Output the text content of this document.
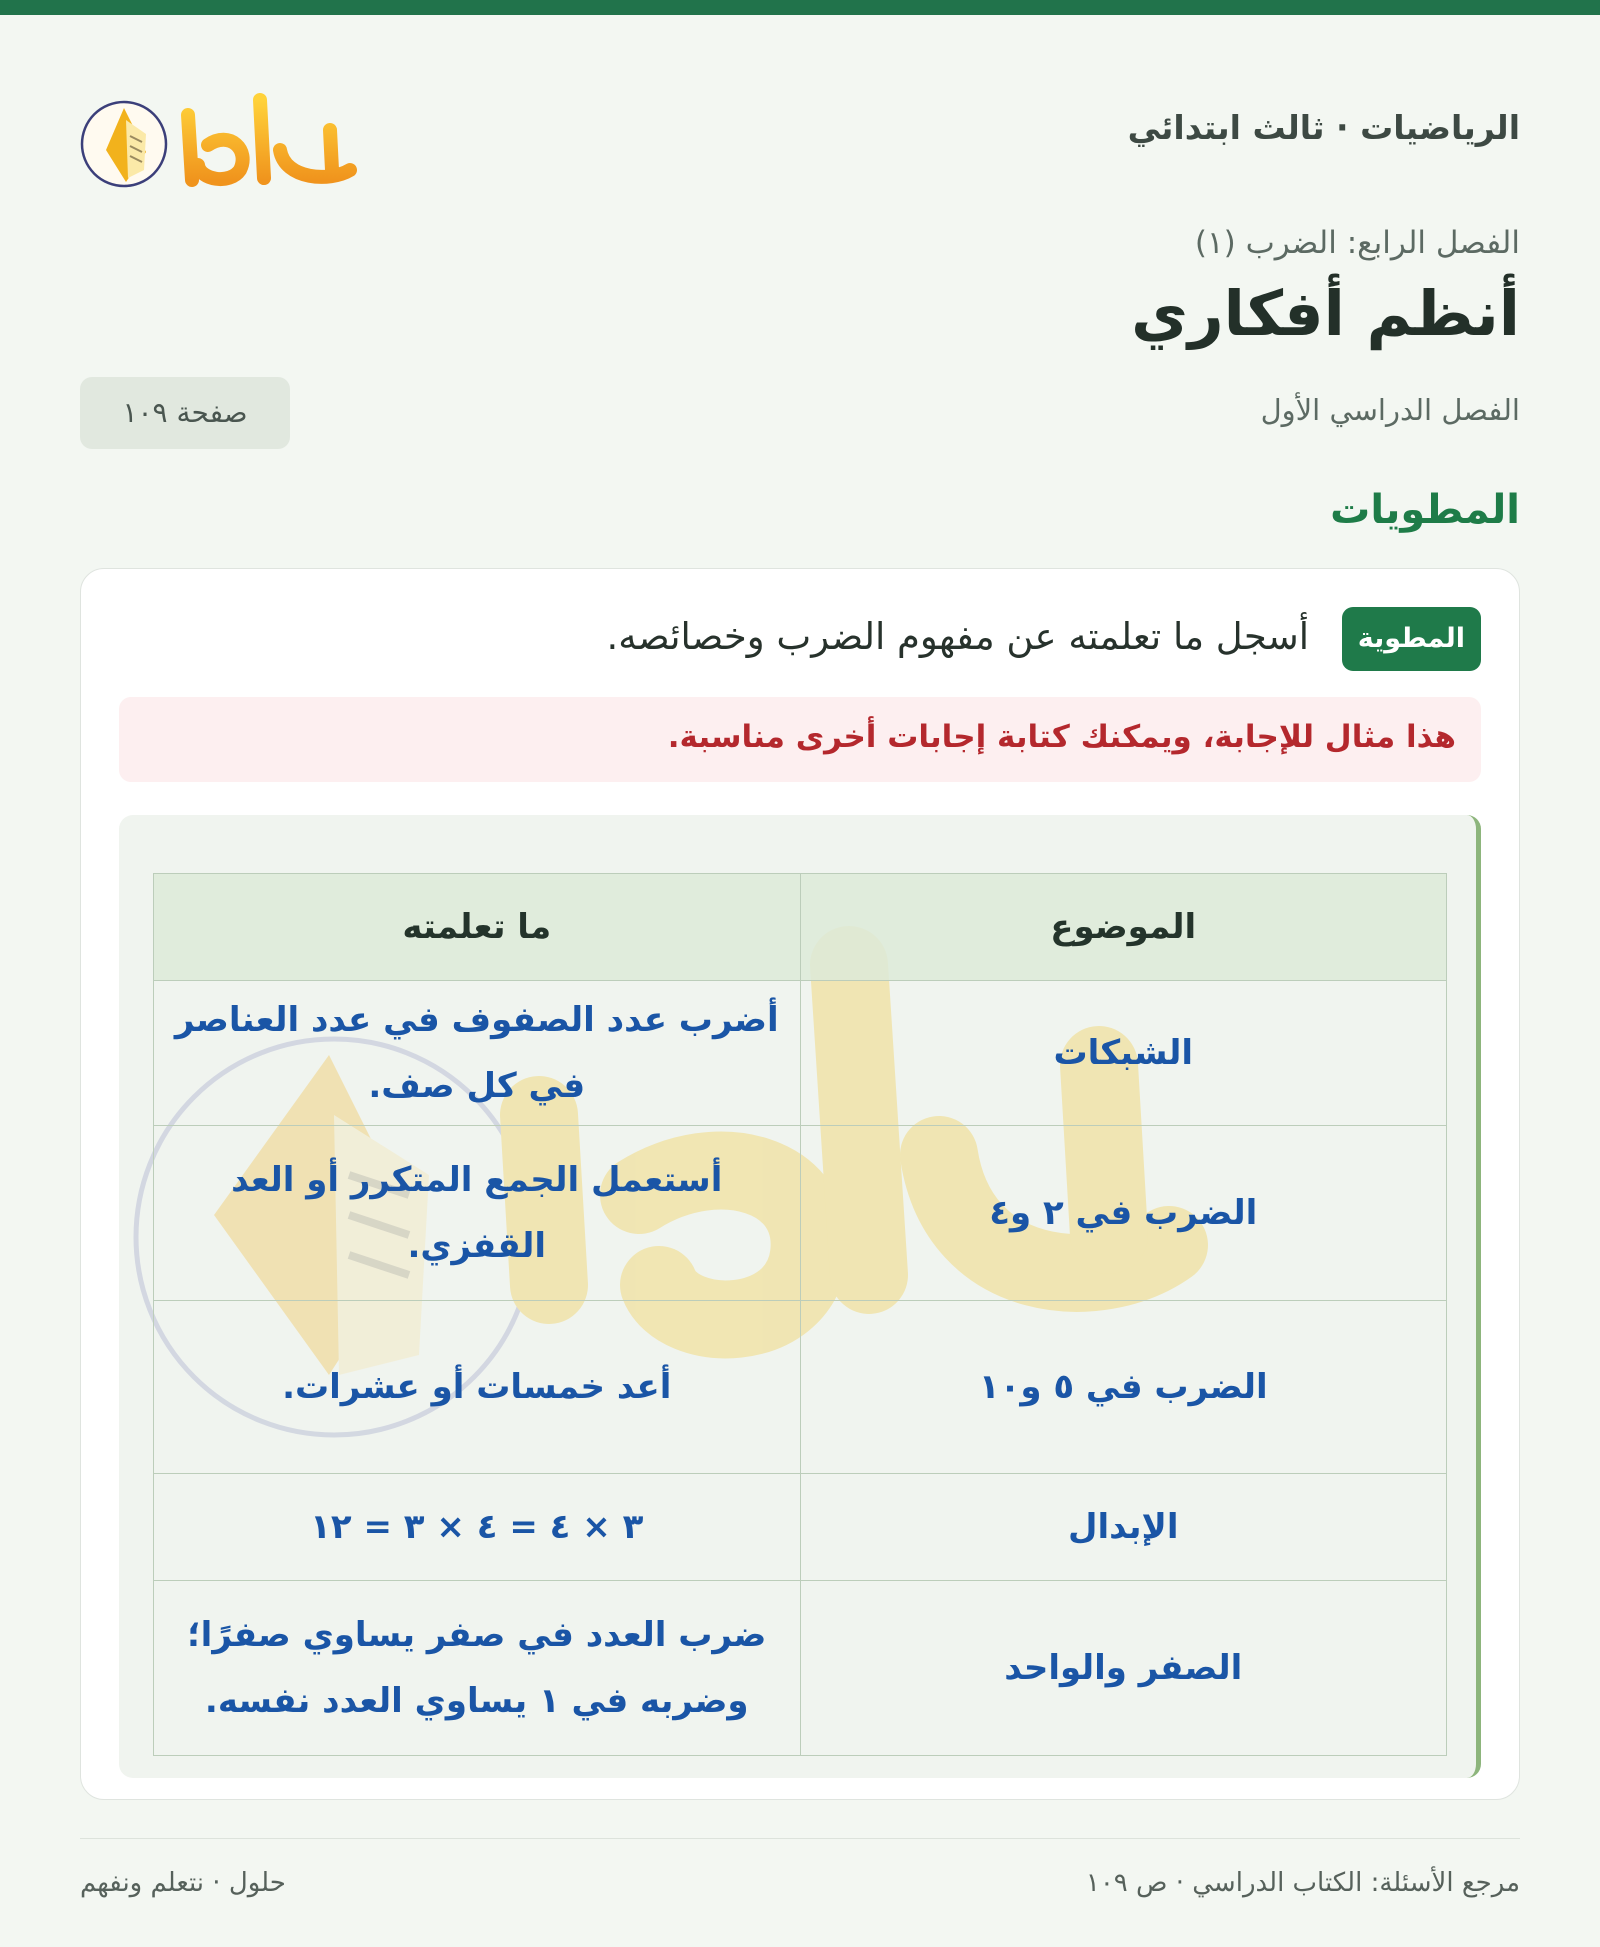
الرياضيات · ثالث ابتدائي
الفصل الرابع: الضرب (١)
أنظم أفكاري
الفصل الدراسي الأول
صفحة ١٠٩
المطويات
المطوية
أسجل ما تعلمته عن مفهوم الضرب وخصائصه.
هذا مثال للإجابة، ويمكنك كتابة إجابات أخرى مناسبة.
الموضوع	ما تعلمته
الشبكات	أضرب عدد الصفوف في عدد العناصر في كل صف.
الضرب في ٢ و٤	أستعمل الجمع المتكرر أو العد القفزي.
الضرب في ٥ و١٠	أعد خمسات أو عشرات.
الإبدال	٣ × ٤ = ٤ × ٣ = ١٢
الصفر والواحد	ضرب العدد في صفر يساوي صفرًا؛ وضربه في ١ يساوي العدد نفسه.
مرجع الأسئلة: الكتاب الدراسي · ص ١٠٩
حلول · نتعلم ونفهم
